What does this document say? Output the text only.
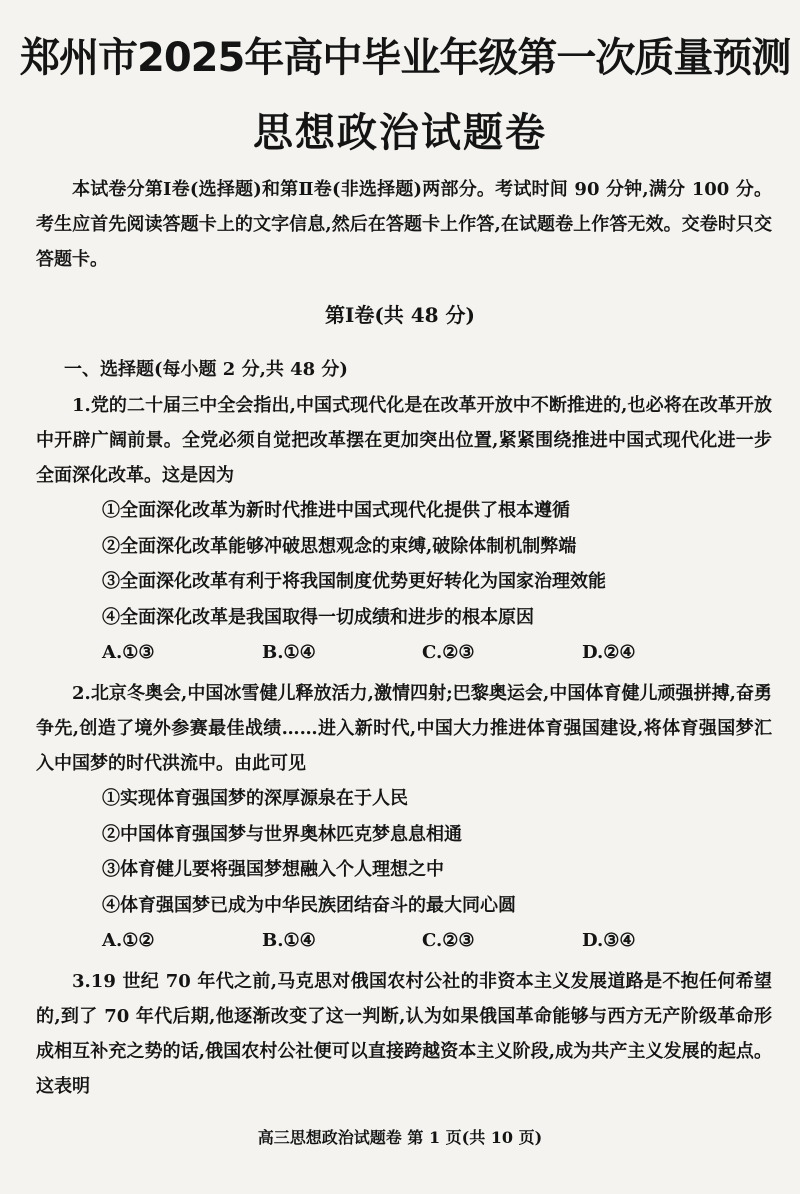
郑州市2025年高中毕业年级第一次质量预测
思想政治试题卷

本试卷分第Ⅰ卷(选择题)和第Ⅱ卷(非选择题)两部分。考试时间 90 分钟,满分 100 分。考生应首先阅读答题卡上的文字信息,然后在答题卡上作答,在试题卷上作答无效。交卷时只交答题卡。

第Ⅰ卷(共 48 分)
一、选择题(每小题 2 分,共 48 分)

1.党的二十届三中全会指出,中国式现代化是在改革开放中不断推进的,也必将在改革开放中开辟广阔前景。全党必须自觉把改革摆在更加突出位置,紧紧围绕推进中国式现代化进一步全面深化改革。这是因为

①全面深化改革为新时代推进中国式现代化提供了根本遵循

②全面深化改革能够冲破思想观念的束缚,破除体制机制弊端

③全面深化改革有利于将我国制度优势更好转化为国家治理效能

④全面深化改革是我国取得一切成绩和进步的根本原因

A.①③	B.①④	C.②③	D.②④

2.北京冬奥会,中国冰雪健儿释放活力,激情四射;巴黎奥运会,中国体育健儿顽强拼搏,奋勇争先,创造了境外参赛最佳战绩……进入新时代,中国大力推进体育强国建设,将体育强国梦汇入中国梦的时代洪流中。由此可见

①实现体育强国梦的深厚源泉在于人民

②中国体育强国梦与世界奥林匹克梦息息相通

③体育健儿要将强国梦想融入个人理想之中

④体育强国梦已成为中华民族团结奋斗的最大同心圆

A.①②	B.①④	C.②③	D.③④

3.19 世纪 70 年代之前,马克思对俄国农村公社的非资本主义发展道路是不抱任何希望的,到了 70 年代后期,他逐渐改变了这一判断,认为如果俄国革命能够与西方无产阶级革命形成相互补充之势的话,俄国农村公社便可以直接跨越资本主义阶段,成为共产主义发展的起点。这表明

高三思想政治试题卷 第 1 页(共 10 页)
